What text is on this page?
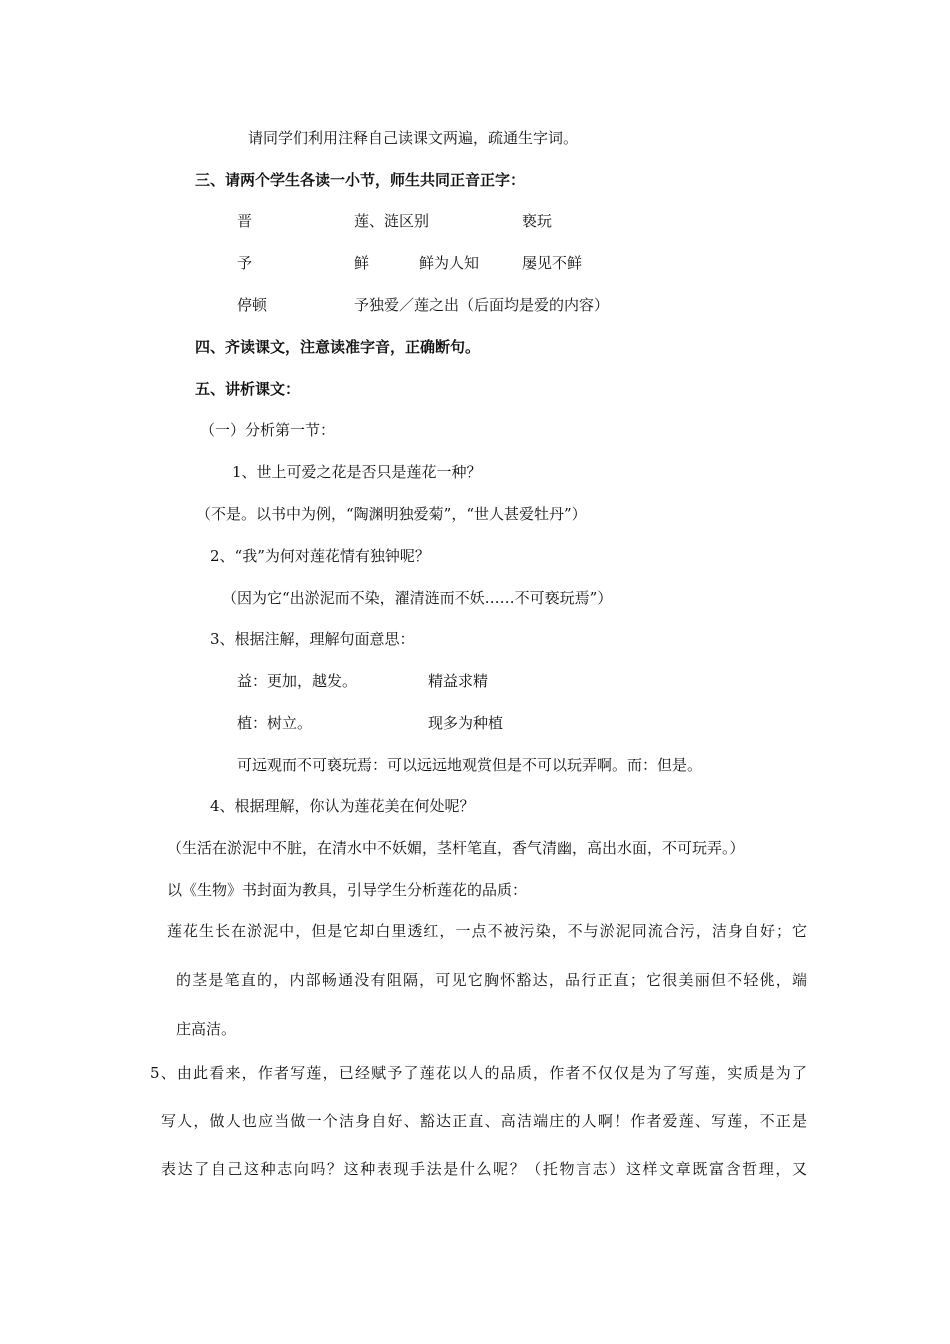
请同学们利用注释自己读课文两遍，疏通生字词。
三、请两个学生各读一小节，师生共同正音正字：
晋	莲、涟区别	亵玩
予	鲜	鲜为人知	屡见不鲜
停顿	予独爱／莲之出（后面均是爱的内容）
四、齐读课文，注意读准字音，正确断句。
五、讲析课文：
（一）分析第一节：
1、世上可爱之花是否只是莲花一种？
（不是。以书中为例，“陶渊明独爱菊”，“世人甚爱牡丹”）
2、“我”为何对莲花情有独钟呢？
（因为它“出淤泥而不染，濯清涟而不妖……不可亵玩焉”）
3、根据注解，理解句面意思：
益：更加，越发。	精益求精
植：树立。	现多为种植
可远观而不可亵玩焉：可以远远地观赏但是不可以玩弄啊。而：但是。
4、根据理解，你认为莲花美在何处呢？
（生活在淤泥中不脏，在清水中不妖媚，茎杆笔直，香气清幽，高出水面，不可玩弄。）
以《生物》书封面为教具，引导学生分析莲花的品质：
莲花生长在淤泥中，但是它却白里透红，一点不被污染，不与淤泥同流合污，洁身自好；它
的茎是笔直的，内部畅通没有阻隔，可见它胸怀豁达，品行正直；它很美丽但不轻佻，端
庄高洁。
5、由此看来，作者写莲，已经赋予了莲花以人的品质，作者不仅仅是为了写莲，实质是为了
写人，做人也应当做一个洁身自好、豁达正直、高洁端庄的人啊！作者爱莲、写莲，不正是
表达了自己这种志向吗？这种表现手法是什么呢？（托物言志）这样文章既富含哲理，又
